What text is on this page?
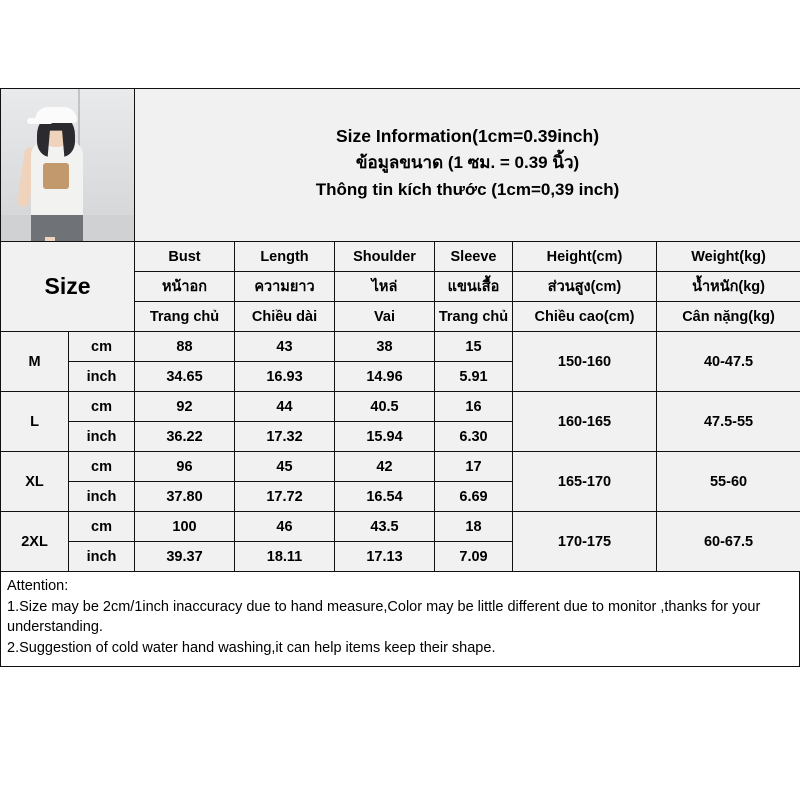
		Size Information(1cm=0.39inch)
ข้อมูลขนาด (1 ซม. = 0.39 นิ้ว)
Thông tin kích thước (1cm=0,39 inch)					

Size		Bust	Length	Shoulder	Sleeve	Height(cm)	Weight(kg)
		หน้าอก	ความยาว	ไหล่	แขนเสื้อ	ส่วนสูง(cm)	น้ำหนัก(kg)
		Trang chủ	Chiều dài	Vai	Trang chủ	Chiều cao(cm)	Cân nặng(kg)
M	cm	88	43	38	15	150-160	40-47.5
	inch	34.65	16.93	14.96	5.91		
L	cm	92	44	40.5	16	160-165	47.5-55
	inch	36.22	17.32	15.94	6.30		
XL	cm	96	45	42	17	165-170	55-60
	inch	37.80	17.72	16.54	6.69		
2XL	cm	100	46	43.5	18	170-175	60-67.5
	inch	39.37	18.11	17.13	7.09		

Attention:

1.Size may be 2cm/1inch inaccuracy due to hand measure,Color may be little different due to monitor ,thanks for your understanding.

2.Suggestion of cold water hand washing,it can help items keep their shape.
